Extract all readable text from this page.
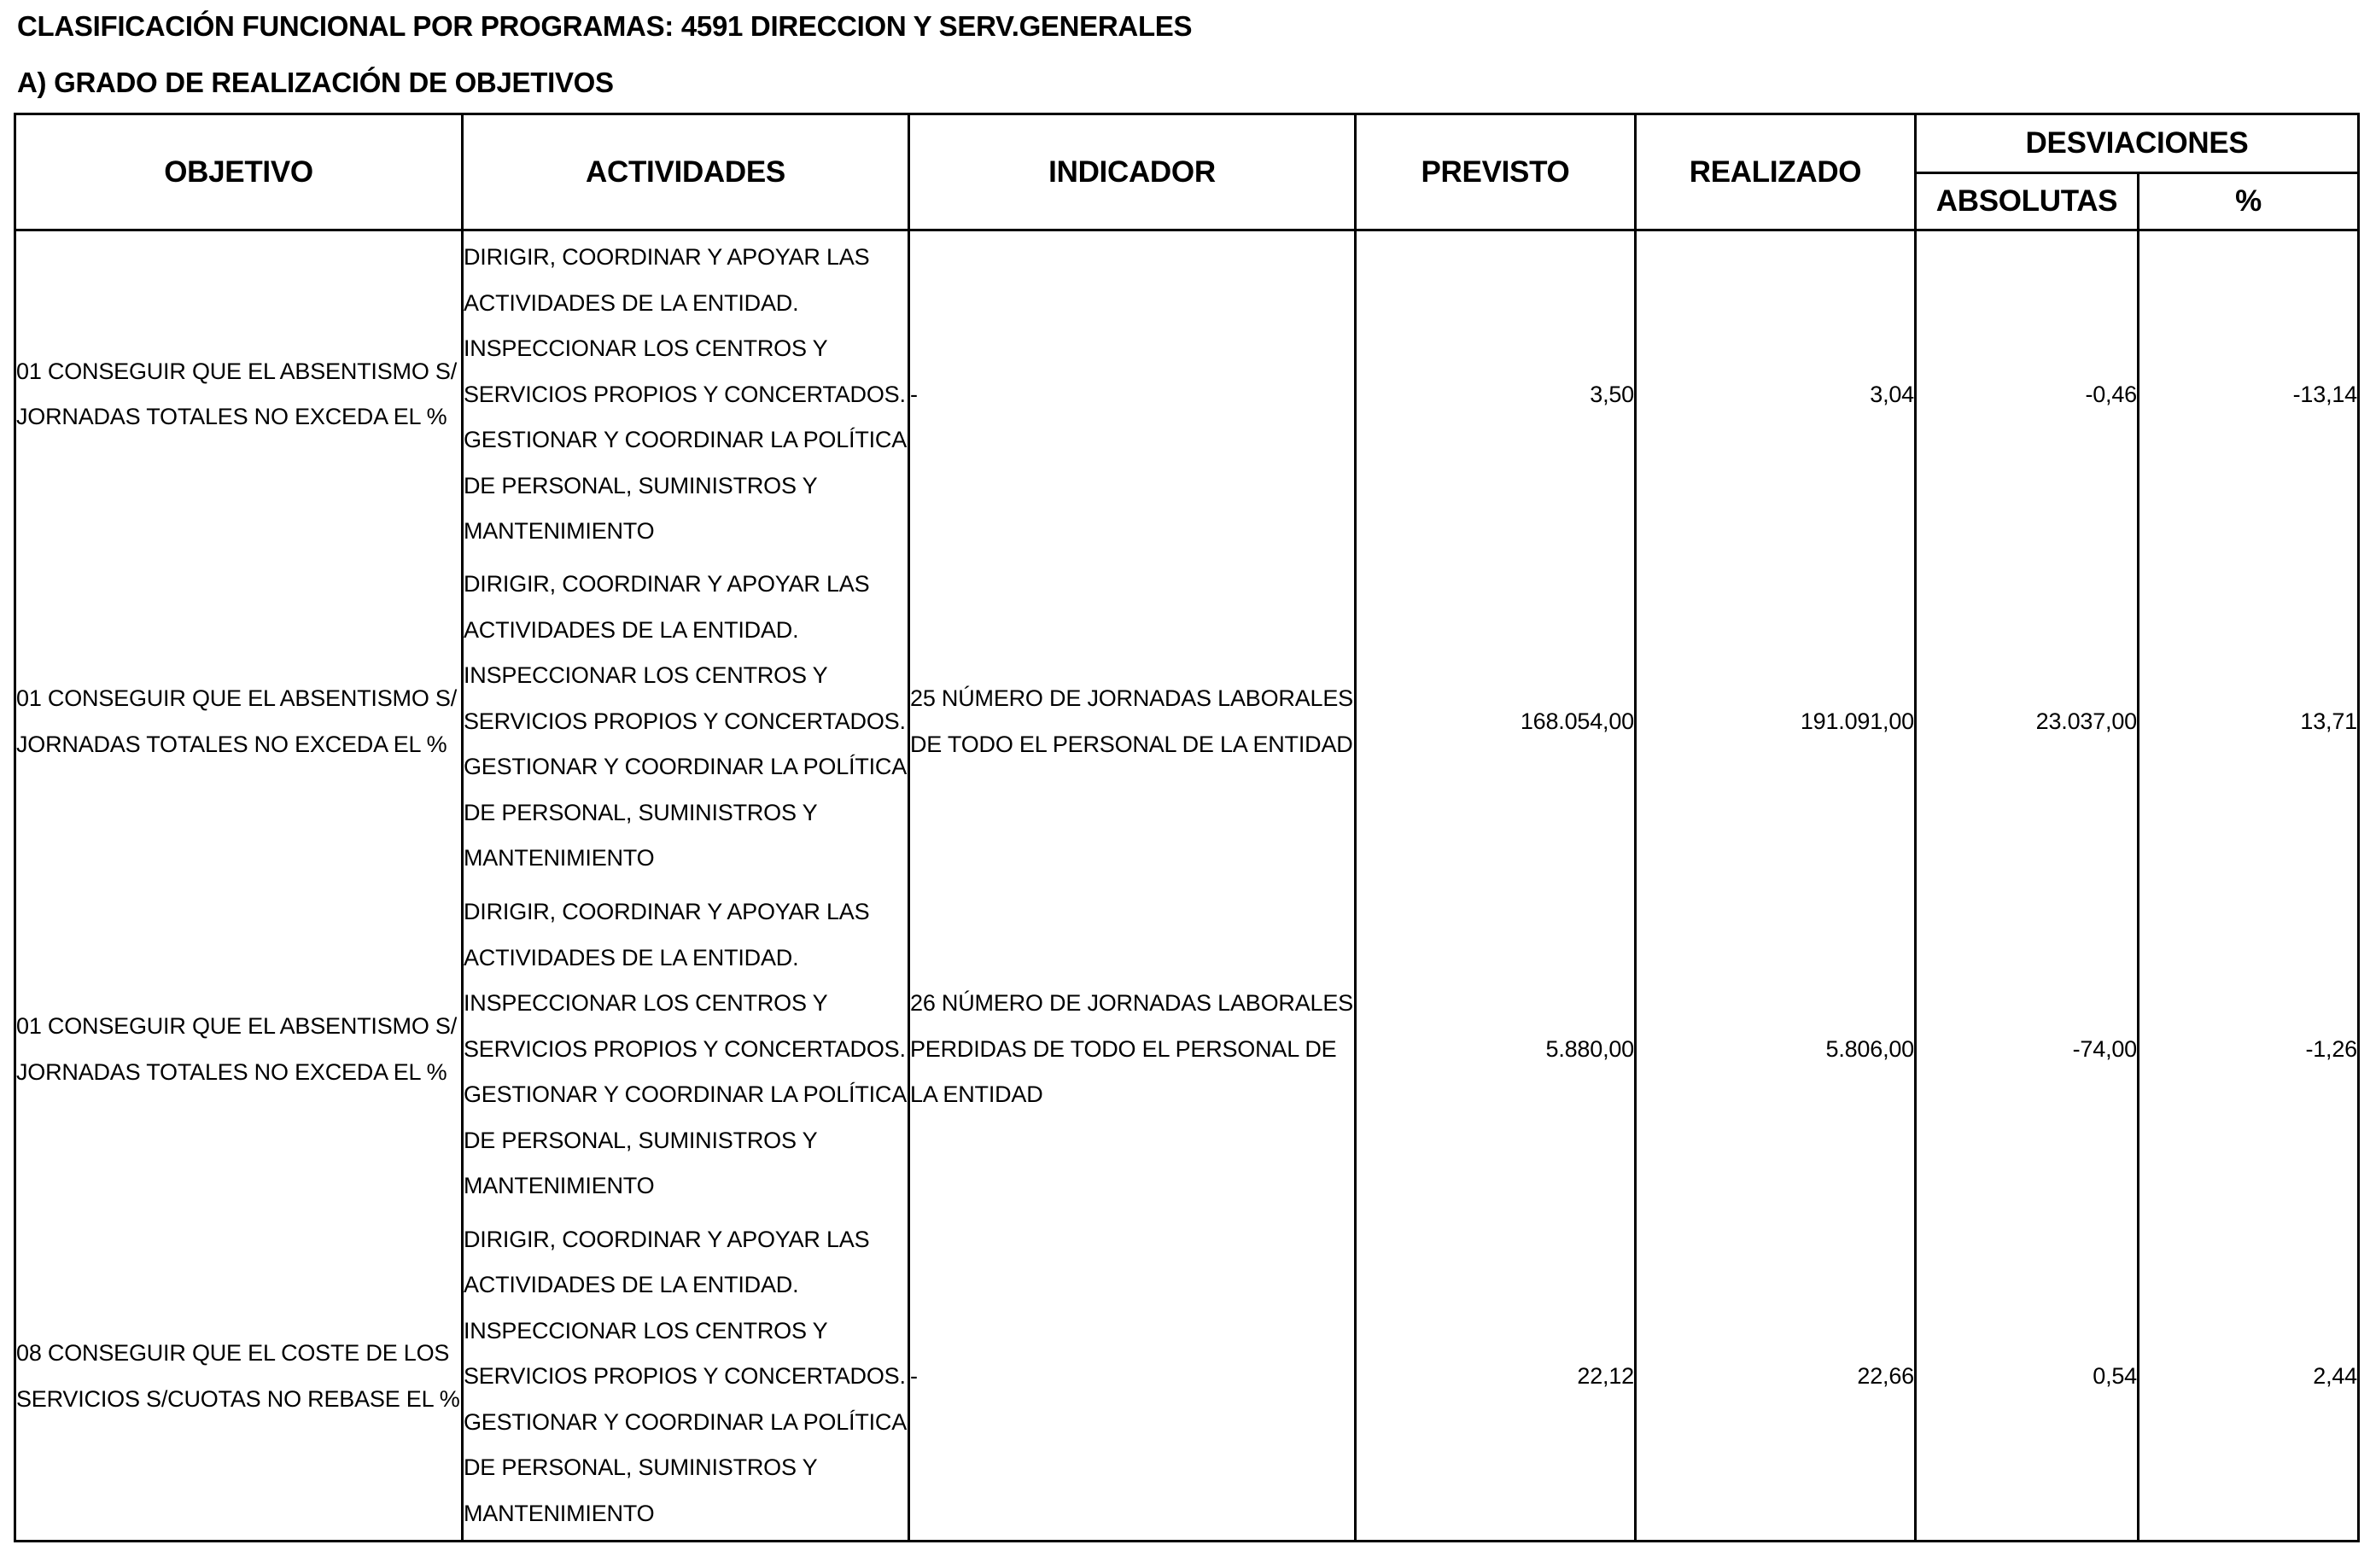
CLASIFICACIÓN FUNCIONAL POR PROGRAMAS: 4591 DIRECCION Y SERV.GENERALES
A) GRADO DE REALIZACIÓN DE OBJETIVOS
OBJETIVO	ACTIVIDADES	INDICADOR	PREVISTO	REALIZADO	DESVIACIONES	
					ABSOLUTAS	%

01 CONSEGUIR QUE EL ABSENTISMO S/ JORNADAS TOTALES NO EXCEDA EL %	DIRIGIR, COORDINAR Y APOYAR LAS ACTIVIDADES DE LA ENTIDAD. INSPECCIONAR LOS CENTROS Y SERVICIOS PROPIOS Y CONCERTADOS. GESTIONAR Y COORDINAR LA POLÍTICA DE PERSONAL, SUMINISTROS Y MANTENIMIENTO	-	3,50	3,04	-0,46	-13,14

01 CONSEGUIR QUE EL ABSENTISMO S/ JORNADAS TOTALES NO EXCEDA EL %	DIRIGIR, COORDINAR Y APOYAR LAS ACTIVIDADES DE LA ENTIDAD. INSPECCIONAR LOS CENTROS Y SERVICIOS PROPIOS Y CONCERTADOS. GESTIONAR Y COORDINAR LA POLÍTICA DE PERSONAL, SUMINISTROS Y MANTENIMIENTO	25 NÚMERO DE JORNADAS LABORALES DE TODO EL PERSONAL DE LA ENTIDAD	168.054,00	191.091,00	23.037,00	13,71

01 CONSEGUIR QUE EL ABSENTISMO S/ JORNADAS TOTALES NO EXCEDA EL %	DIRIGIR, COORDINAR Y APOYAR LAS ACTIVIDADES DE LA ENTIDAD. INSPECCIONAR LOS CENTROS Y SERVICIOS PROPIOS Y CONCERTADOS. GESTIONAR Y COORDINAR LA POLÍTICA DE PERSONAL, SUMINISTROS Y MANTENIMIENTO	26 NÚMERO DE JORNADAS LABORALES PERDIDAS DE TODO EL PERSONAL DE LA ENTIDAD	5.880,00	5.806,00	-74,00	-1,26

08 CONSEGUIR QUE EL COSTE DE LOS SERVICIOS S/CUOTAS NO REBASE EL %	DIRIGIR, COORDINAR Y APOYAR LAS ACTIVIDADES DE LA ENTIDAD. INSPECCIONAR LOS CENTROS Y SERVICIOS PROPIOS Y CONCERTADOS. GESTIONAR Y COORDINAR LA POLÍTICA DE PERSONAL, SUMINISTROS Y MANTENIMIENTO	-	22,12	22,66	0,54	2,44
